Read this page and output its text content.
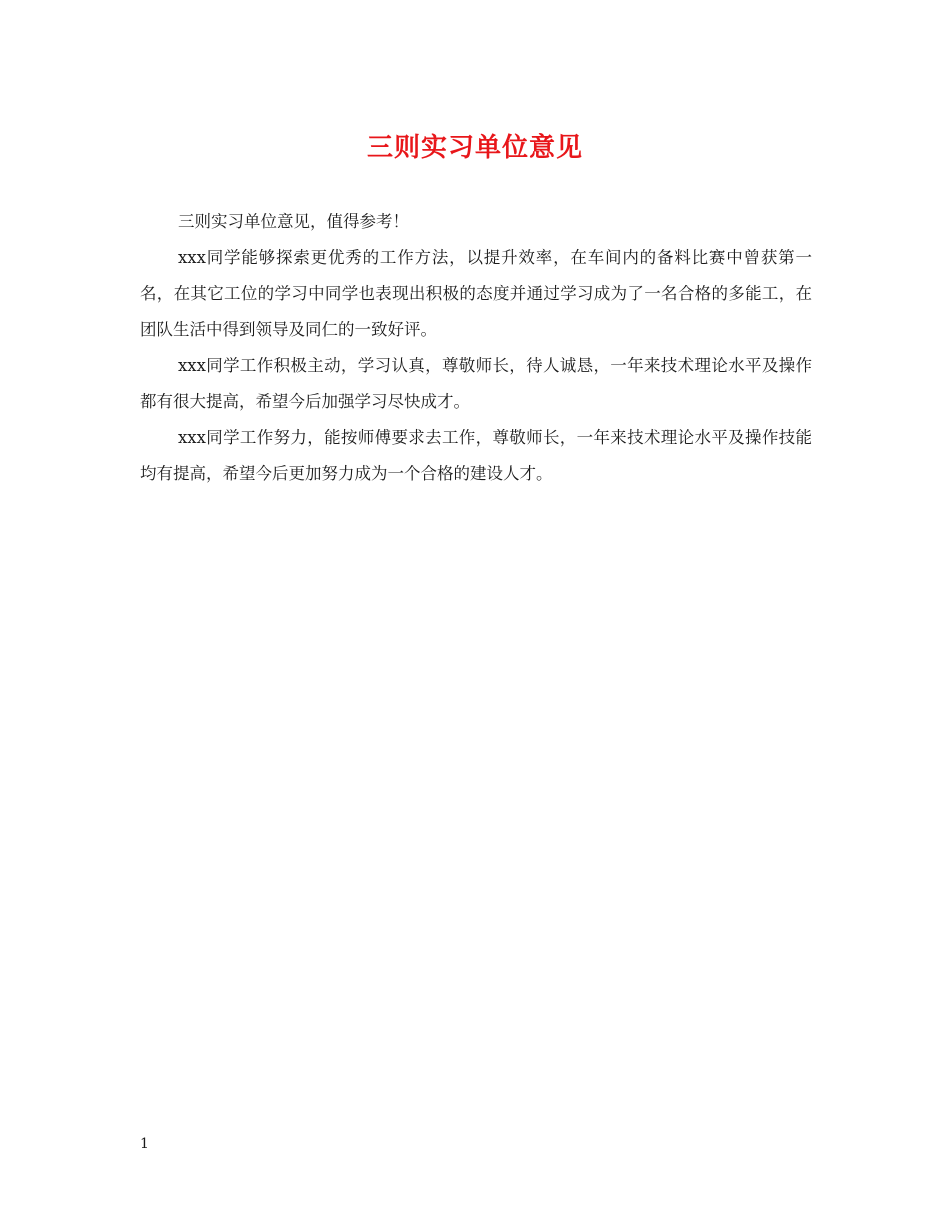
三则实习单位意见

三则实习单位意见，值得参考！

xxx同学能够探索更优秀的工作方法，以提升效率，在车间内的备料比赛中曾获第一名，在其它工位的学习中同学也表现出积极的态度并通过学习成为了一名合格的多能工，在团队生活中得到领导及同仁的一致好评。

xxx同学工作积极主动，学习认真，尊敬师长，待人诚恳，一年来技术理论水平及操作都有很大提高，希望今后加强学习尽快成才。

xxx同学工作努力，能按师傅要求去工作，尊敬师长，一年来技术理论水平及操作技能均有提高，希望今后更加努力成为一个合格的建设人才。

1
